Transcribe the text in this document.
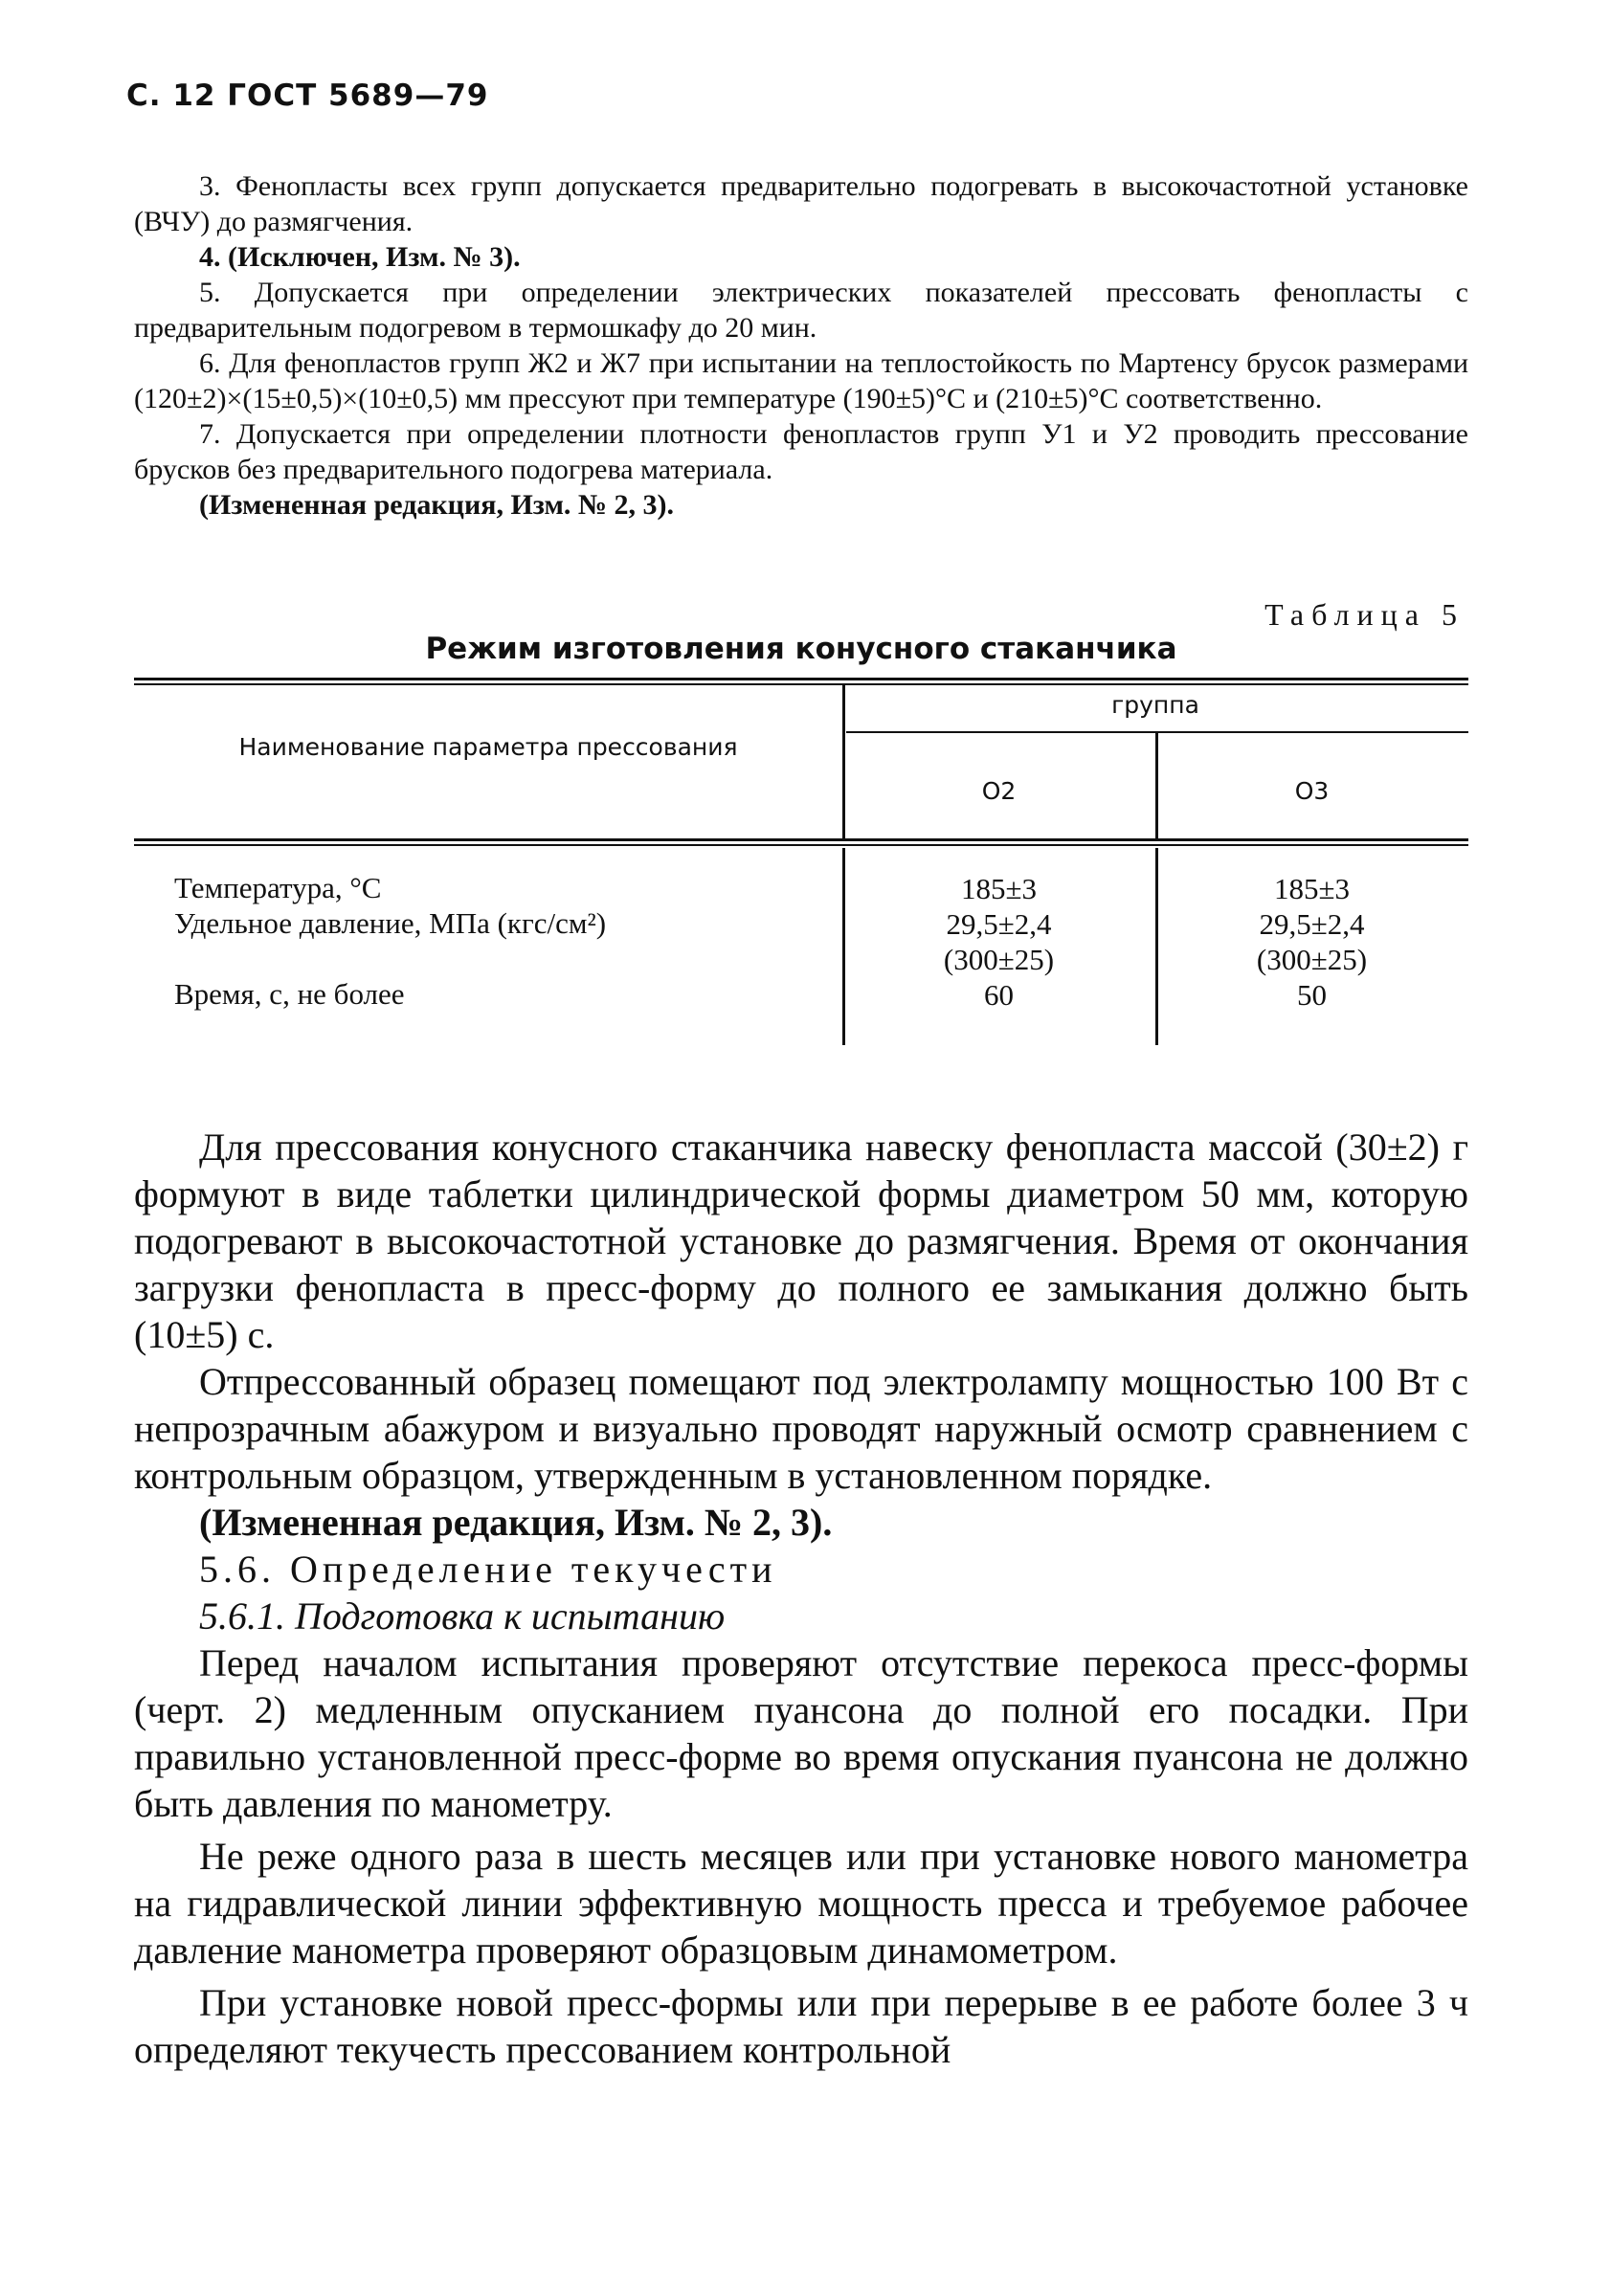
С. 12 ГОСТ 5689—79

3. Фенопласты всех групп допускается предварительно подогревать в высокочастотной установке (ВЧУ) до размягчения.

4. (Исключен, Изм. № 3).

5. Допускается при определении электрических показателей прессовать фенопласты с предварительным подогревом в термошкафу до 20 мин.

6. Для фенопластов групп Ж2 и Ж7 при испытании на теплостойкость по Мартенсу брусок размерами (120±2)×(15±0,5)×(10±0,5) мм прессуют при температуре (190±5)°С и (210±5)°С соответственно.

7. Допускается при определении плотности фенопластов групп У1 и У2 проводить прессование брусков без предварительного подогрева материала.

(Измененная редакция, Изм. № 2, 3).

Таблица 5
Режим изготовления конусного стаканчика
Наименование параметра прессования
группа
О2	О3
Температура, °С
Удельное давление, МПа (кгс/см²)
Время, с, не более
185±3
29,5±2,4
(300±25)
60
185±3
29,5±2,4
(300±25)
50

Для прессования конусного стаканчика навеску фенопласта массой (30±2) г формуют в виде таблетки цилиндрической формы диаметром 50 мм, которую подогревают в высокочастотной установке до размягчения. Время от окончания загрузки фенопласта в пресс-форму до полного ее замыкания должно быть (10±5) с.

Отпрессованный образец помещают под электролампу мощностью 100 Вт с непрозрачным абажуром и визуально проводят наружный осмотр сравнением с контрольным образцом, утвержденным в установленном порядке.

(Измененная редакция, Изм. № 2, 3).

5.6. Определение текучести

5.6.1. Подготовка к испытанию

Перед началом испытания проверяют отсутствие перекоса пресс-формы (черт. 2) медленным опусканием пуансона до полной его посадки. При правильно установленной пресс-форме во время опускания пуансона не должно быть давления по манометру.

Не реже одного раза в шесть месяцев или при установке нового манометра на гидравлической линии эффективную мощность пресса и требуемое рабочее давление манометра проверяют образцовым динамометром.

При установке новой пресс-формы или при перерыве в ее работе более 3 ч определяют текучесть прессованием контрольной
